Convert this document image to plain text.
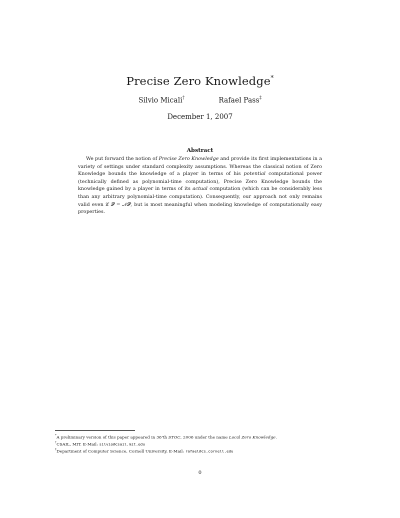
Precise Zero Knowledge*
Silvio Micali†	Rafael Pass‡
December 1, 2007
Abstract

We put forward the notion of Precise Zero Knowledge and provide its first implementations in a variety of settings under standard complexity assumptions. Whereas the classical notion of Zero Knowledge bounds the knowledge of a player in terms of his potential computational power (technically defined as polynomial-time computation), Precise Zero Knowledge bounds the knowledge gained by a player in terms of its actual computation (which can be considerably less than any arbitrary polynomial-time computation). Consequently, our approach not only remains valid even if 𝒫 = 𝒩𝒫, but is most meaningful when modeling knowledge of computationally easy properties.

*A preliminary version of this paper appeared in 36'th STOC, 2006 under the name Local Zero Knowledge.
†CSAIL, MIT. E-Mail: silvio@csail.mit.edu
‡Department of Computer Science, Cornell University, E-Mail: rafael@cs.cornell.edu
0
